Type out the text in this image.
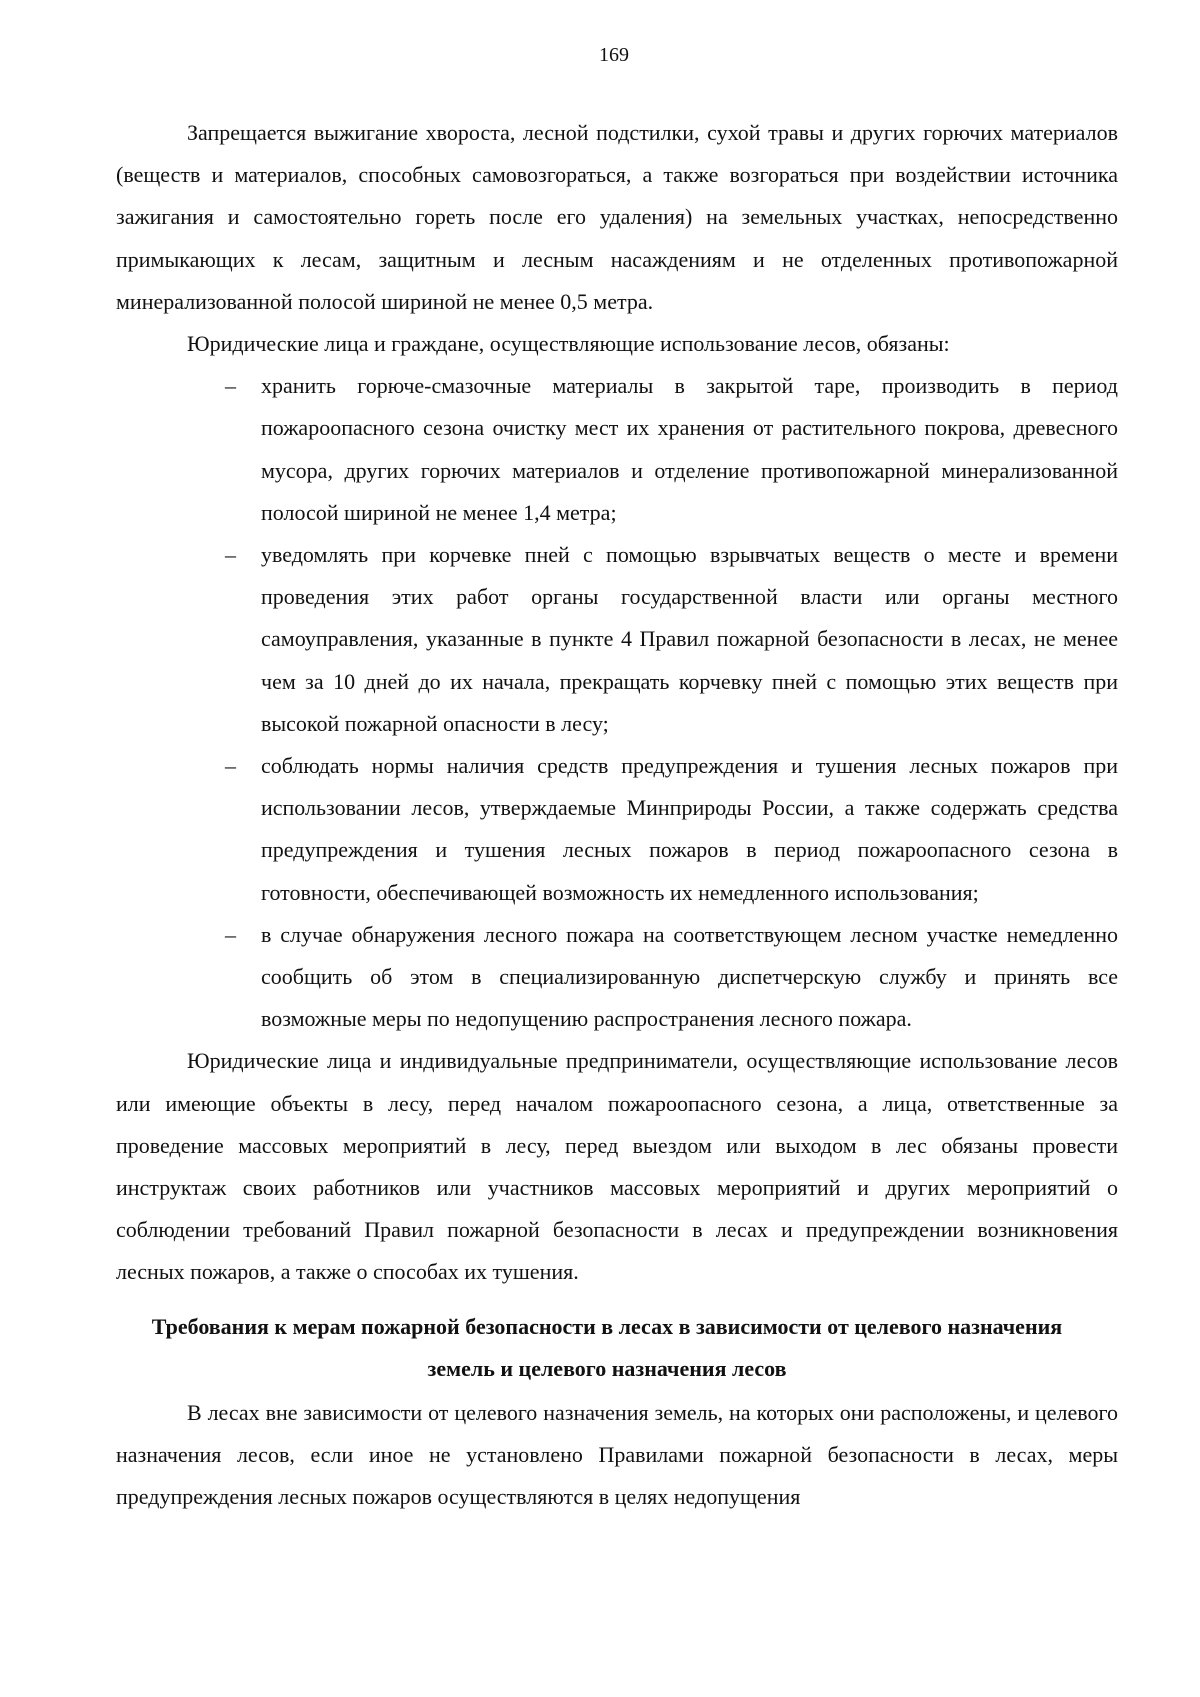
169

Запрещается выжигание хвороста, лесной подстилки, сухой травы и других горючих материалов (веществ и материалов, способных самовозгораться, а также возгораться при воздействии источника зажигания и самостоятельно гореть после его удаления) на земельных участках, непосредственно примыкающих к лесам, защитным и лесным насаждениям и не отделенных противопожарной минерализованной полосой шириной не менее 0,5 метра.

Юридические лица и граждане, осуществляющие использование лесов, обязаны:

– хранить горюче-смазочные материалы в закрытой таре, производить в период пожароопасного сезона очистку мест их хранения от растительного покрова, древесного мусора, других горючих материалов и отделение противопожарной минерализованной полосой шириной не менее 1,4 метра;
– уведомлять при корчевке пней с помощью взрывчатых веществ о месте и времени проведения этих работ органы государственной власти или органы местного самоуправления, указанные в пункте 4 Правил пожарной безопасности в лесах, не менее чем за 10 дней до их начала, прекращать корчевку пней с помощью этих веществ при высокой пожарной опасности в лесу;
– соблюдать нормы наличия средств предупреждения и тушения лесных пожаров при использовании лесов, утверждаемые Минприроды России, а также содержать средства предупреждения и тушения лесных пожаров в период пожароопасного сезона в готовности, обеспечивающей возможность их немедленного использования;
– в случае обнаружения лесного пожара на соответствующем лесном участке немедленно сообщить об этом в специализированную диспетчерскую службу и принять все возможные меры по недопущению распространения лесного пожара.

Юридические лица и индивидуальные предприниматели, осуществляющие использование лесов или имеющие объекты в лесу, перед началом пожароопасного сезона, а лица, ответственные за проведение массовых мероприятий в лесу, перед выездом или выходом в лес обязаны провести инструктаж своих работников или участников массовых мероприятий и других мероприятий о соблюдении требований Правил пожарной безопасности в лесах и предупреждении возникновения лесных пожаров, а также о способах их тушения.

Требования к мерам пожарной безопасности в лесах в зависимости от целевого назначения земель и целевого назначения лесов

В лесах вне зависимости от целевого назначения земель, на которых они расположены, и целевого назначения лесов, если иное не установлено Правилами пожарной безопасности в лесах, меры предупреждения лесных пожаров осуществляются в целях недопущения
